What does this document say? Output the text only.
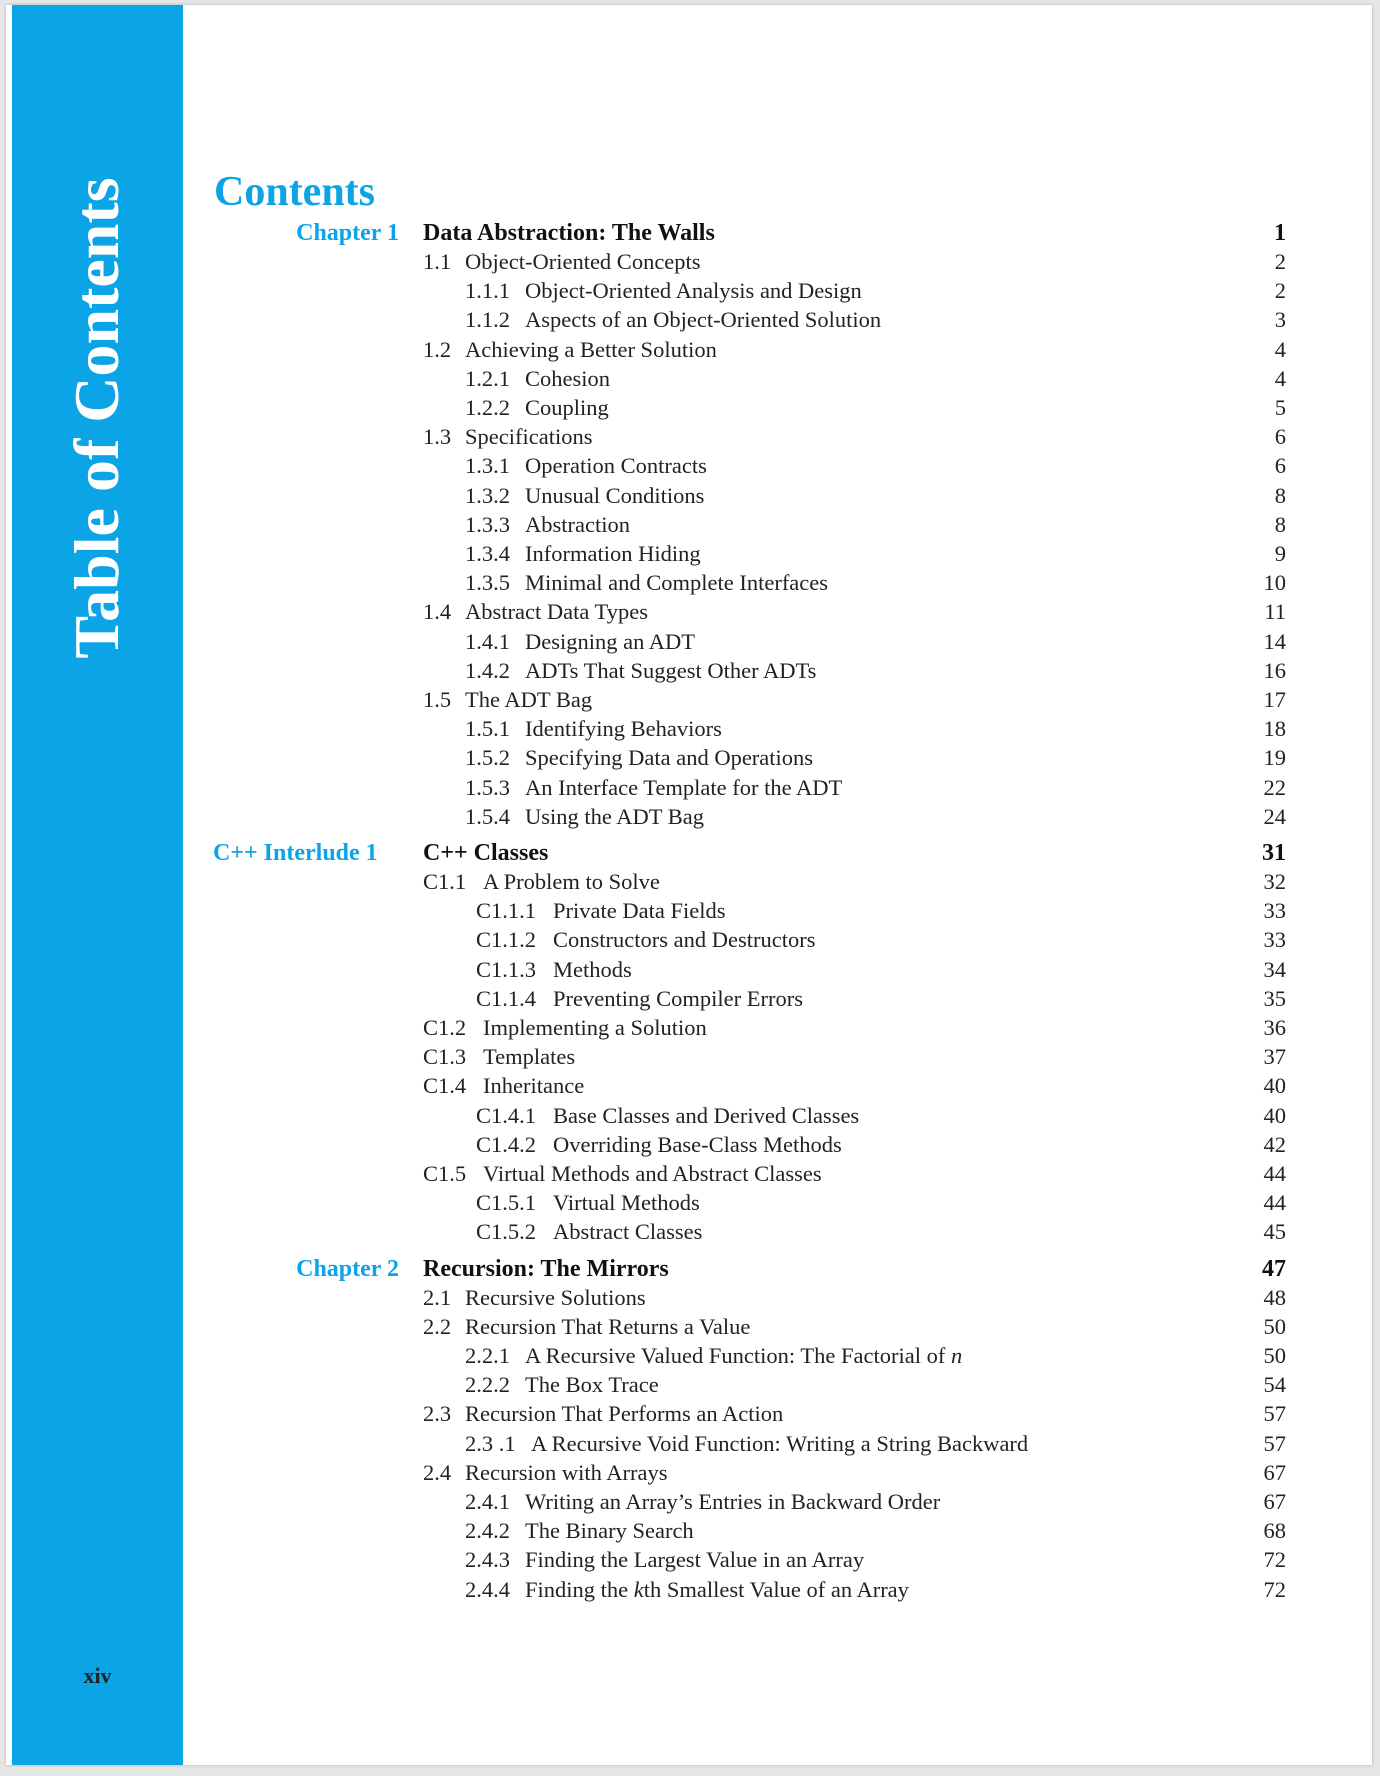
Table of Contents
xiv
Contents
Chapter 1 Data Abstraction: The Walls	1
1.1 Object-Oriented Concepts	2
1.1.1 Object-Oriented Analysis and Design	2
1.1.2 Aspects of an Object-Oriented Solution	3
1.2 Achieving a Better Solution	4
1.2.1 Cohesion	4
1.2.2 Coupling	5
1.3 Specifications	6
1.3.1 Operation Contracts	6
1.3.2 Unusual Conditions	8
1.3.3 Abstraction	8
1.3.4 Information Hiding	9
1.3.5 Minimal and Complete Interfaces	10
1.4 Abstract Data Types	11
1.4.1 Designing an ADT	14
1.4.2 ADTs That Suggest Other ADTs	16
1.5 The ADT Bag	17
1.5.1 Identifying Behaviors	18
1.5.2 Specifying Data and Operations	19
1.5.3 An Interface Template for the ADT	22
1.5.4 Using the ADT Bag	24
C++ Interlude 1 C++ Classes	31
C1.1 A Problem to Solve	32
C1.1.1 Private Data Fields	33
C1.1.2 Constructors and Destructors	33
C1.1.3 Methods	34
C1.1.4 Preventing Compiler Errors	35
C1.2 Implementing a Solution	36
C1.3 Templates	37
C1.4 Inheritance	40
C1.4.1 Base Classes and Derived Classes	40
C1.4.2 Overriding Base-Class Methods	42
C1.5 Virtual Methods and Abstract Classes	44
C1.5.1 Virtual Methods	44
C1.5.2 Abstract Classes	45
Chapter 2 Recursion: The Mirrors	47
2.1 Recursive Solutions	48
2.2 Recursion That Returns a Value	50
2.2.1 A Recursive Valued Function: The Factorial of n	50
2.2.2 The Box Trace	54
2.3 Recursion That Performs an Action	57
2.3 .1 A Recursive Void Function: Writing a String Backward	57
2.4 Recursion with Arrays	67
2.4.1 Writing an Array’s Entries in Backward Order	67
2.4.2 The Binary Search	68
2.4.3 Finding the Largest Value in an Array	72
2.4.4 Finding the kth Smallest Value of an Array	72
